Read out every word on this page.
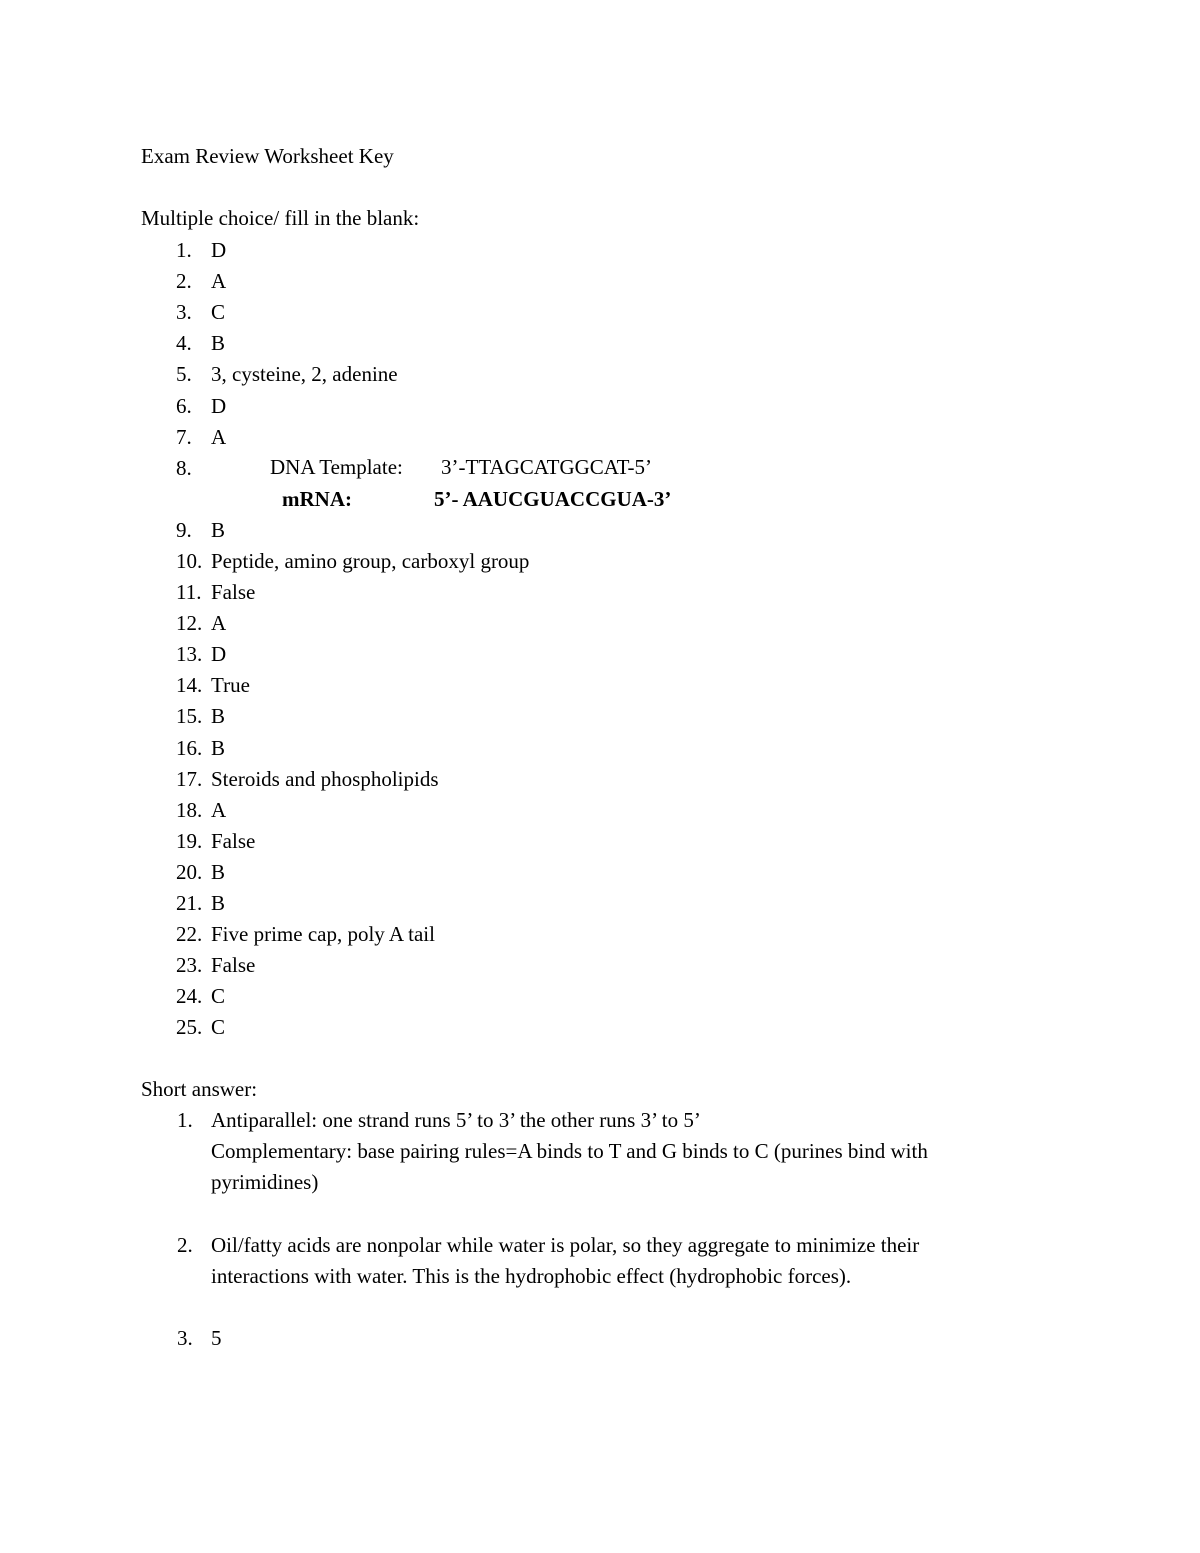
Exam Review Worksheet Key
Multiple choice/ fill in the blank:
1. D
2. A
3. C
4. B
5. 3, cysteine, 2, adenine
6. D
7. A
8.
9. B
10. Peptide, amino group, carboxyl group
11. False
12. A
13. D
14. True
15. B
16. B
17. Steroids and phospholipids
18. A
19. False
20. B
21. B
22. Five prime cap, poly A tail
23. False
24. C
25. C
DNA Template: 3’-TTAGCATGGCAT-5’
mRNA:	5’- AAUCGUACCGUA-3’
Short answer:
1. Antiparallel: one strand runs 5’ to 3’ the other runs 3’ to 5’
Complementary: base pairing rules=A binds to T and G binds to C (purines bind with
pyrimidines)
2. Oil/fatty acids are nonpolar while water is polar, so they aggregate to minimize their
interactions with water. This is the hydrophobic effect (hydrophobic forces).
3. 5
